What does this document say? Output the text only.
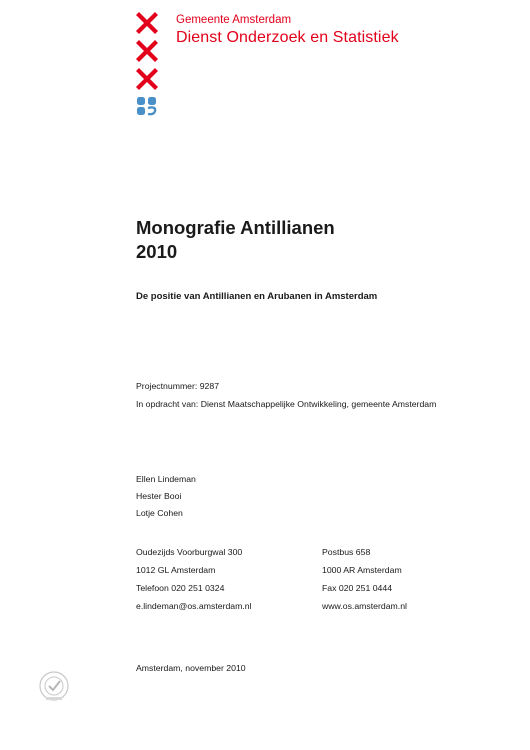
Gemeente Amsterdam
Dienst Onderzoek en Statistiek
Monografie Antillianen
2010
De positie van Antillianen en Arubanen in Amsterdam
Projectnummer: 9287
In opdracht van: Dienst Maatschappelijke Ontwikkeling, gemeente Amsterdam
Ellen Lindeman
Hester Booi
Lotje Cohen
Oudezijds Voorburgwal 300
1012 GL Amsterdam
Telefoon 020 251 0324
e.lindeman@os.amsterdam.nl
Postbus 658
1000 AR Amsterdam
Fax 020 251 0444
www.os.amsterdam.nl
Amsterdam, november 2010
